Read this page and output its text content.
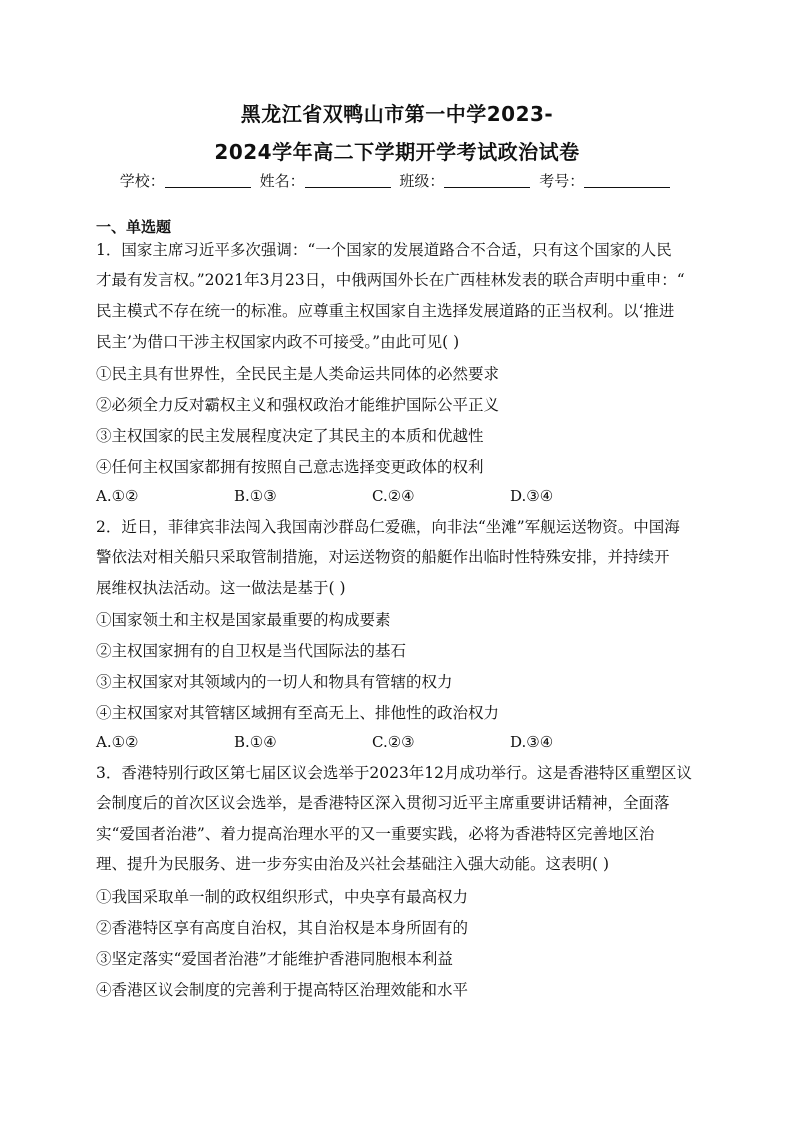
黑龙江省双鸭山市第一中学2023-
2024学年高二下学期开学考试政治试卷
学校：	姓名：	班级：	考号：
一、单选题
1．国家主席习近平多次强调：“一个国家的发展道路合不合适，只有这个国家的人民
才最有发言权。”2021年3月23日，中俄两国外长在广西桂林发表的联合声明中重申：“
民主模式不存在统一的标准。应尊重主权国家自主选择发展道路的正当权利。以‘推进
民主’为借口干涉主权国家内政不可接受。”由此可见( )
①民主具有世界性，全民民主是人类命运共同体的必然要求
②必须全力反对霸权主义和强权政治才能维护国际公平正义
③主权国家的民主发展程度决定了其民主的本质和优越性
④任何主权国家都拥有按照自己意志选择变更政体的权利
A.①②	B.①③	C.②④	D.③④
2．近日，菲律宾非法闯入我国南沙群岛仁爱礁，向非法“坐滩”军舰运送物资。中国海
警依法对相关船只采取管制措施，对运送物资的船艇作出临时性特殊安排，并持续开
展维权执法活动。这一做法是基于( )
①国家领土和主权是国家最重要的构成要素
②主权国家拥有的自卫权是当代国际法的基石
③主权国家对其领域内的一切人和物具有管辖的权力
④主权国家对其管辖区域拥有至高无上、排他性的政治权力
A.①②	B.①④	C.②③	D.③④
3．香港特别行政区第七届区议会选举于2023年12月成功举行。这是香港特区重塑区议
会制度后的首次区议会选举，是香港特区深入贯彻习近平主席重要讲话精神，全面落
实“爱国者治港”、着力提高治理水平的又一重要实践，必将为香港特区完善地区治
理、提升为民服务、进一步夯实由治及兴社会基础注入强大动能。这表明( )
①我国采取单一制的政权组织形式，中央享有最高权力
②香港特区享有高度自治权，其自治权是本身所固有的
③坚定落实“爱国者治港”才能维护香港同胞根本利益
④香港区议会制度的完善利于提高特区治理效能和水平
